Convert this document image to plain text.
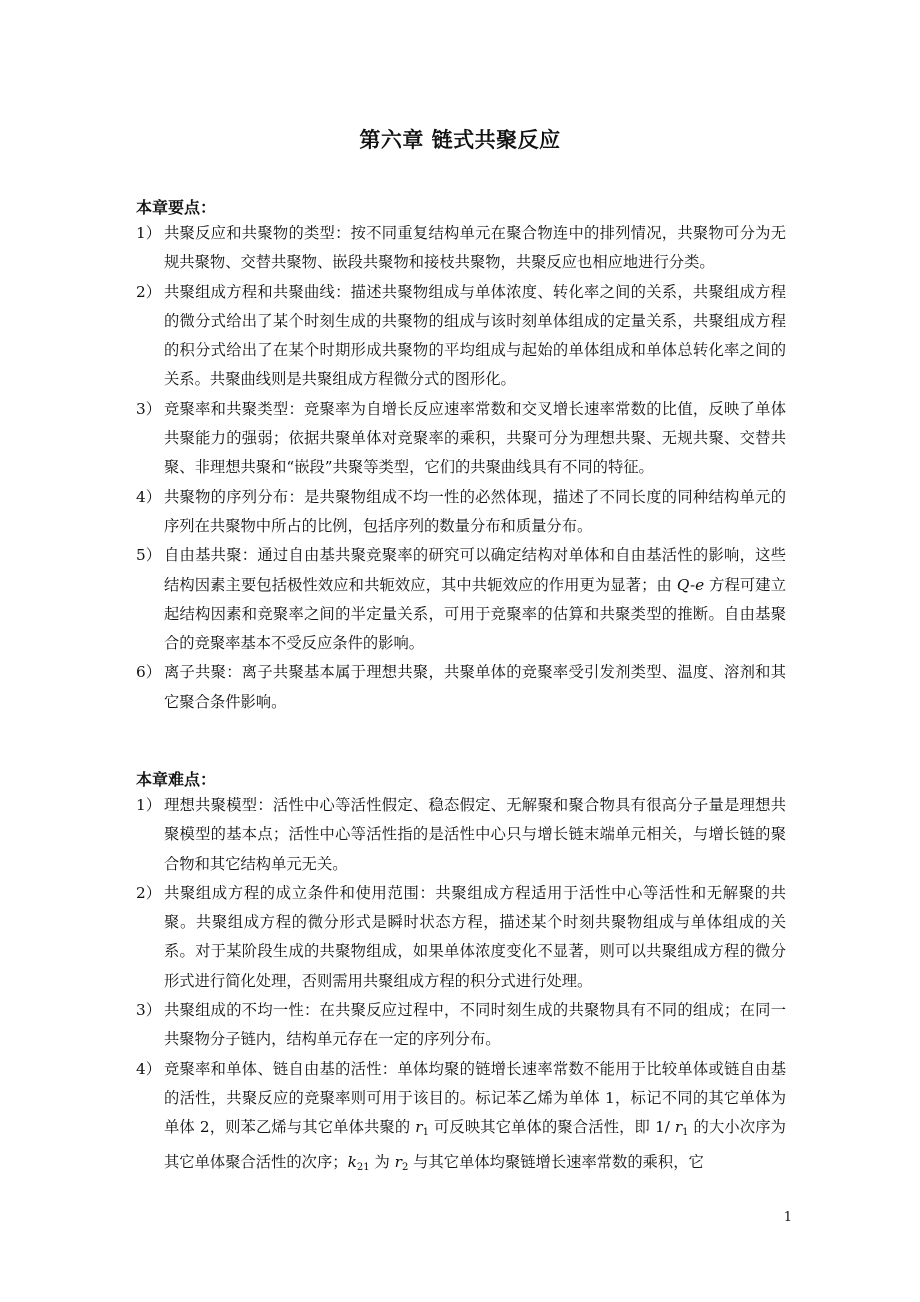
第六章 链式共聚反应
本章要点：
1） 共聚反应和共聚物的类型：按不同重复结构单元在聚合物连中的排列情况，共聚物可分为无规共聚物、交替共聚物、嵌段共聚物和接枝共聚物，共聚反应也相应地进行分类。
2） 共聚组成方程和共聚曲线：描述共聚物组成与单体浓度、转化率之间的关系，共聚组成方程的微分式给出了某个时刻生成的共聚物的组成与该时刻单体组成的定量关系，共聚组成方程的积分式给出了在某个时期形成共聚物的平均组成与起始的单体组成和单体总转化率之间的关系。共聚曲线则是共聚组成方程微分式的图形化。
3） 竞聚率和共聚类型：竞聚率为自增长反应速率常数和交叉增长速率常数的比值，反映了单体共聚能力的强弱；依据共聚单体对竞聚率的乘积，共聚可分为理想共聚、无规共聚、交替共聚、非理想共聚和“嵌段”共聚等类型，它们的共聚曲线具有不同的特征。
4） 共聚物的序列分布：是共聚物组成不均一性的必然体现，描述了不同长度的同种结构单元的序列在共聚物中所占的比例，包括序列的数量分布和质量分布。
5） 自由基共聚：通过自由基共聚竞聚率的研究可以确定结构对单体和自由基活性的影响，这些结构因素主要包括极性效应和共轭效应，其中共轭效应的作用更为显著；由 Q-e 方程可建立起结构因素和竞聚率之间的半定量关系，可用于竞聚率的估算和共聚类型的推断。自由基聚合的竞聚率基本不受反应条件的影响。
6） 离子共聚：离子共聚基本属于理想共聚，共聚单体的竞聚率受引发剂类型、温度、溶剂和其它聚合条件影响。
本章难点：
1） 理想共聚模型：活性中心等活性假定、稳态假定、无解聚和聚合物具有很高分子量是理想共聚模型的基本点；活性中心等活性指的是活性中心只与增长链末端单元相关，与增长链的聚合物和其它结构单元无关。
2） 共聚组成方程的成立条件和使用范围：共聚组成方程适用于活性中心等活性和无解聚的共聚。共聚组成方程的微分形式是瞬时状态方程，描述某个时刻共聚物组成与单体组成的关系。对于某阶段生成的共聚物组成，如果单体浓度变化不显著，则可以共聚组成方程的微分形式进行简化处理，否则需用共聚组成方程的积分式进行处理。
3） 共聚组成的不均一性：在共聚反应过程中，不同时刻生成的共聚物具有不同的组成；在同一共聚物分子链内，结构单元存在一定的序列分布。
4） 竞聚率和单体、链自由基的活性：单体均聚的链增长速率常数不能用于比较单体或链自由基的活性，共聚反应的竞聚率则可用于该目的。标记苯乙烯为单体 1，标记不同的其它单体为单体 2，则苯乙烯与其它单体共聚的 $r_1$ 可反映其它单体的聚合活性，即 1/ $r_1$ 的大小次序为其它单体聚合活性的次序；$k_{21}$ 为 $r_2$ 与其它单体均聚链增长速率常数的乘积，它
1
